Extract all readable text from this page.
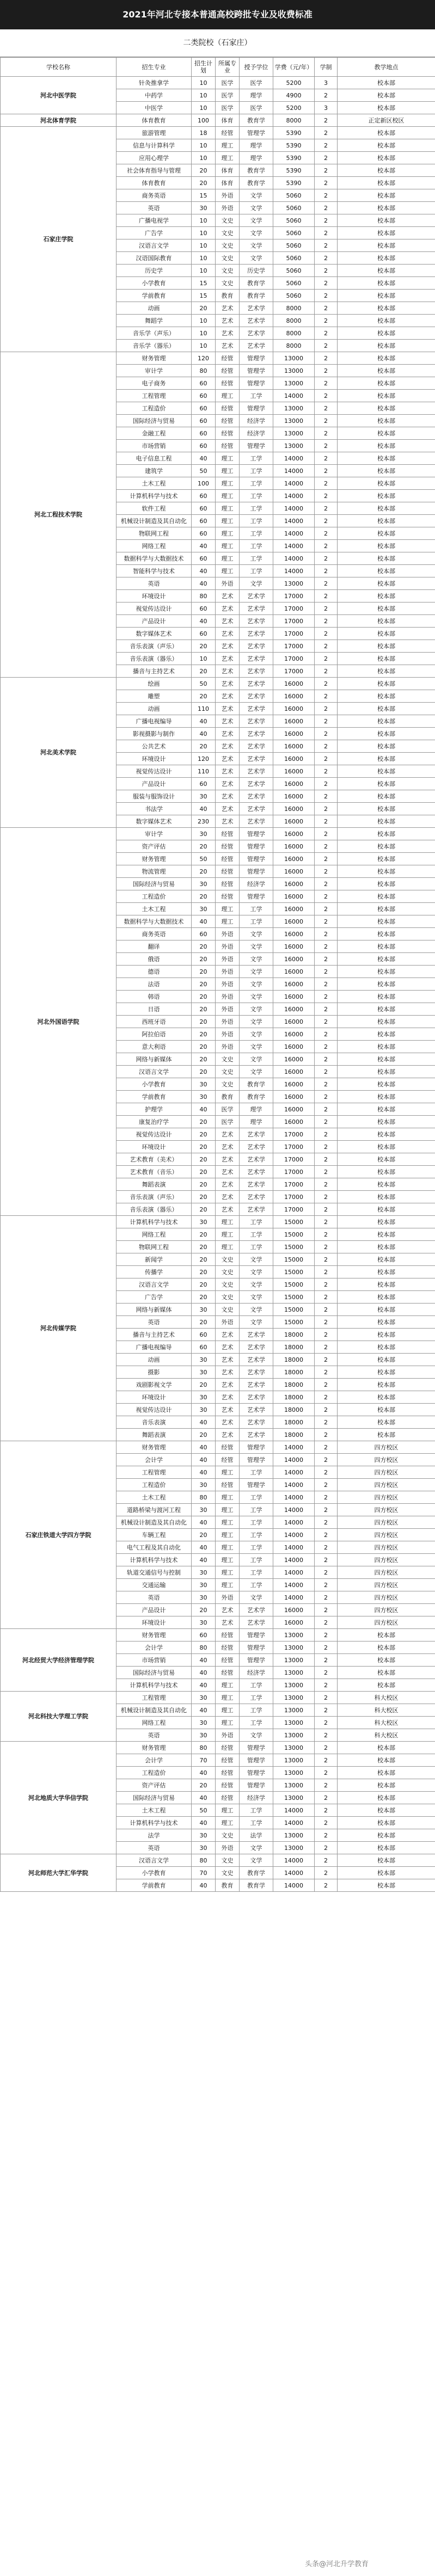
2021年河北专接本普通高校跨批专业及收费标准
二类院校（石家庄）
学校名称	招生专业	招生计划	所属专业	授予学位	学费（元/年）	学制	教学地点
河北中医学院	针灸推拿学	10	医学	医学	5200	3	校本部
	中药学	10	医学	理学	4900	2	校本部
	中医学	10	医学	医学	5200	3	校本部
河北体育学院	体育教育	100	体育	教育学	8000	2	正定新区校区
石家庄学院	旅游管理	18	经管	管理学	5390	2	校本部
	信息与计算科学	10	理工	理学	5390	2	校本部
	应用心理学	10	理工	理学	5390	2	校本部
	社会体育指导与管理	20	体育	教育学	5390	2	校本部
	体育教育	20	体育	教育学	5390	2	校本部
	商务英语	15	外语	文学	5060	2	校本部
	英语	30	外语	文学	5060	2	校本部
	广播电视学	10	文史	文学	5060	2	校本部
	广告学	10	文史	文学	5060	2	校本部
	汉语言文学	10	文史	文学	5060	2	校本部
	汉语国际教育	10	文史	文学	5060	2	校本部
	历史学	10	文史	历史学	5060	2	校本部
	小学教育	15	文史	教育学	5060	2	校本部
	学前教育	15	教育	教育学	5060	2	校本部
	动画	20	艺术	艺术学	8000	2	校本部
	舞蹈学	10	艺术	艺术学	8000	2	校本部
	音乐学（声乐）	10	艺术	艺术学	8000	2	校本部
	音乐学（器乐）	10	艺术	艺术学	8000	2	校本部
河北工程技术学院	财务管理	120	经管	管理学	13000	2	校本部
	审计学	80	经管	管理学	13000	2	校本部
	电子商务	60	经管	管理学	13000	2	校本部
	工程管理	60	理工	工学	14000	2	校本部
	工程造价	60	经管	管理学	13000	2	校本部
	国际经济与贸易	60	经管	经济学	13000	2	校本部
	金融工程	60	经管	经济学	13000	2	校本部
	市场营销	60	经管	管理学	13000	2	校本部
	电子信息工程	40	理工	工学	14000	2	校本部
	建筑学	50	理工	工学	14000	2	校本部
	土木工程	100	理工	工学	14000	2	校本部
	计算机科学与技术	60	理工	工学	14000	2	校本部
	软件工程	60	理工	工学	14000	2	校本部
	机械设计制造及其自动化	60	理工	工学	14000	2	校本部
	物联网工程	60	理工	工学	14000	2	校本部
	网络工程	40	理工	工学	14000	2	校本部
	数据科学与大数据技术	60	理工	工学	14000	2	校本部
	智能科学与技术	40	理工	工学	14000	2	校本部
	英语	40	外语	文学	13000	2	校本部
	环境设计	80	艺术	艺术学	17000	2	校本部
	视觉传达设计	60	艺术	艺术学	17000	2	校本部
	产品设计	40	艺术	艺术学	17000	2	校本部
	数字媒体艺术	60	艺术	艺术学	17000	2	校本部
	音乐表演（声乐）	20	艺术	艺术学	17000	2	校本部
	音乐表演（器乐）	10	艺术	艺术学	17000	2	校本部
	播音与主持艺术	20	艺术	艺术学	17000	2	校本部
河北美术学院	绘画	50	艺术	艺术学	16000	2	校本部
	雕塑	20	艺术	艺术学	16000	2	校本部
	动画	110	艺术	艺术学	16000	2	校本部
	广播电视编导	40	艺术	艺术学	16000	2	校本部
	影视摄影与制作	40	艺术	艺术学	16000	2	校本部
	公共艺术	20	艺术	艺术学	16000	2	校本部
	环境设计	120	艺术	艺术学	16000	2	校本部
	视觉传达设计	110	艺术	艺术学	16000	2	校本部
	产品设计	60	艺术	艺术学	16000	2	校本部
	服装与服饰设计	30	艺术	艺术学	16000	2	校本部
	书法学	40	艺术	艺术学	16000	2	校本部
	数字媒体艺术	230	艺术	艺术学	16000	2	校本部
河北外国语学院	审计学	30	经管	管理学	16000	2	校本部
	资产评估	20	经管	管理学	16000	2	校本部
	财务管理	50	经管	管理学	16000	2	校本部
	物流管理	20	经管	管理学	16000	2	校本部
	国际经济与贸易	30	经管	经济学	16000	2	校本部
	工程造价	20	经管	管理学	16000	2	校本部
	土木工程	30	理工	工学	16000	2	校本部
	数据科学与大数据技术	40	理工	工学	16000	2	校本部
	商务英语	60	外语	文学	16000	2	校本部
	翻译	20	外语	文学	16000	2	校本部
	俄语	20	外语	文学	16000	2	校本部
	德语	20	外语	文学	16000	2	校本部
	法语	20	外语	文学	16000	2	校本部
	韩语	20	外语	文学	16000	2	校本部
	日语	20	外语	文学	16000	2	校本部
	西班牙语	20	外语	文学	16000	2	校本部
	阿拉伯语	20	外语	文学	16000	2	校本部
	意大利语	20	外语	文学	16000	2	校本部
	网络与新媒体	20	文史	文学	16000	2	校本部
	汉语言文学	20	文史	文学	16000	2	校本部
	小学教育	30	文史	教育学	16000	2	校本部
	学前教育	30	教育	教育学	16000	2	校本部
	护理学	40	医学	理学	16000	2	校本部
	康复治疗学	20	医学	理学	16000	2	校本部
	视觉传达设计	20	艺术	艺术学	17000	2	校本部
	环境设计	20	艺术	艺术学	17000	2	校本部
	艺术教育（美术）	20	艺术	艺术学	17000	2	校本部
	艺术教育（音乐）	20	艺术	艺术学	17000	2	校本部
	舞蹈表演	20	艺术	艺术学	17000	2	校本部
	音乐表演（声乐）	20	艺术	艺术学	17000	2	校本部
	音乐表演（器乐）	20	艺术	艺术学	17000	2	校本部
河北传媒学院	计算机科学与技术	30	理工	工学	15000	2	校本部
	网络工程	20	理工	工学	15000	2	校本部
	物联网工程	20	理工	工学	15000	2	校本部
	新闻学	20	文史	文学	15000	2	校本部
	传播学	20	文史	文学	15000	2	校本部
	汉语言文学	20	文史	文学	15000	2	校本部
	广告学	20	文史	文学	15000	2	校本部
	网络与新媒体	30	文史	文学	15000	2	校本部
	英语	20	外语	文学	15000	2	校本部
	播音与主持艺术	60	艺术	艺术学	18000	2	校本部
	广播电视编导	60	艺术	艺术学	18000	2	校本部
	动画	30	艺术	艺术学	18000	2	校本部
	摄影	30	艺术	艺术学	18000	2	校本部
	戏剧影视文学	20	艺术	艺术学	18000	2	校本部
	环境设计	30	艺术	艺术学	18000	2	校本部
	视觉传达设计	30	艺术	艺术学	18000	2	校本部
	音乐表演	40	艺术	艺术学	18000	2	校本部
	舞蹈表演	20	艺术	艺术学	18000	2	校本部
石家庄铁道大学四方学院	财务管理	40	经管	管理学	14000	2	四方校区
	会计学	40	经管	管理学	14000	2	四方校区
	工程管理	40	理工	工学	14000	2	四方校区
	工程造价	30	经管	管理学	14000	2	四方校区
	土木工程	80	理工	工学	14000	2	四方校区
	道路桥梁与渡河工程	30	理工	工学	14000	2	四方校区
	机械设计制造及其自动化	40	理工	工学	14000	2	四方校区
	车辆工程	20	理工	工学	14000	2	四方校区
	电气工程及其自动化	40	理工	工学	14000	2	四方校区
	计算机科学与技术	40	理工	工学	14000	2	四方校区
	轨道交通信号与控制	30	理工	工学	14000	2	四方校区
	交通运输	30	理工	工学	14000	2	四方校区
	英语	30	外语	文学	14000	2	四方校区
	产品设计	20	艺术	艺术学	16000	2	四方校区
	环境设计	30	艺术	艺术学	16000	2	四方校区
河北经贸大学经济管理学院	财务管理	60	经管	管理学	13000	2	校本部
	会计学	80	经管	管理学	13000	2	校本部
	市场营销	40	经管	管理学	13000	2	校本部
	国际经济与贸易	40	经管	经济学	13000	2	校本部
	计算机科学与技术	40	理工	工学	13000	2	校本部
河北科技大学理工学院	工程管理	30	理工	工学	13000	2	科大校区
	机械设计制造及其自动化	40	理工	工学	13000	2	科大校区
	网络工程	30	理工	工学	13000	2	科大校区
	英语	30	外语	文学	13000	2	科大校区
河北地质大学华信学院	财务管理	80	经管	管理学	13000	2	校本部
	会计学	70	经管	管理学	13000	2	校本部
	工程造价	40	经管	管理学	13000	2	校本部
	资产评估	20	经管	管理学	13000	2	校本部
	国际经济与贸易	40	经管	经济学	13000	2	校本部
	土木工程	50	理工	工学	14000	2	校本部
	计算机科学与技术	40	理工	工学	14000	2	校本部
	法学	30	文史	法学	13000	2	校本部
	英语	30	外语	文学	13000	2	校本部
河北师范大学汇华学院	汉语言文学	80	文史	文学	14000	2	校本部
	小学教育	70	文史	教育学	14000	2	校本部
	学前教育	40	教育	教育学	14000	2	校本部
头条@河北升学教育
